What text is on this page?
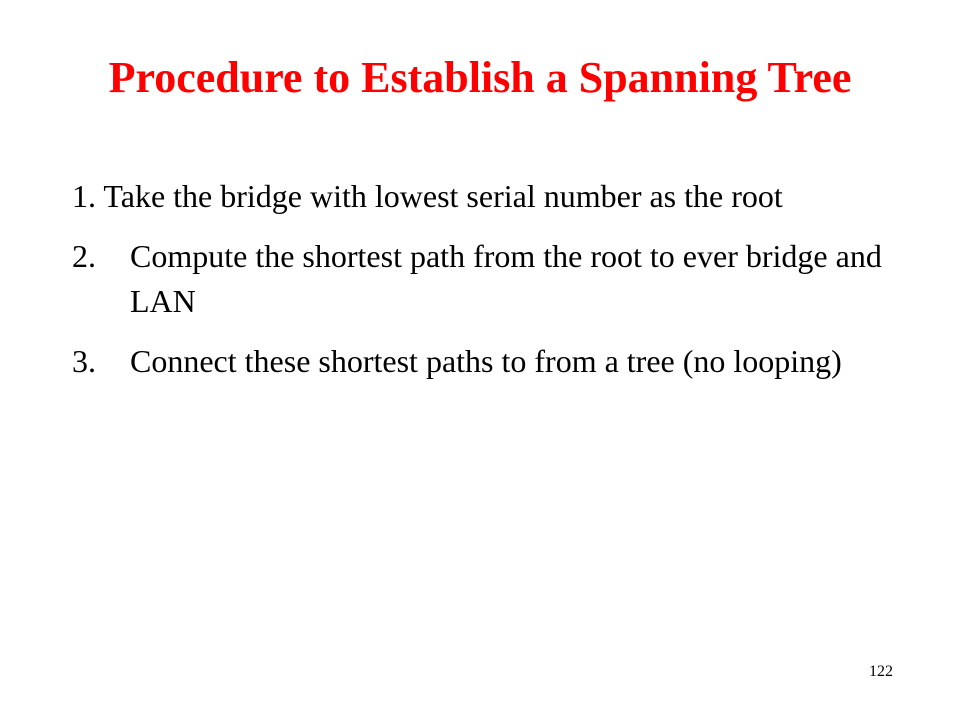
Procedure to Establish a Spanning Tree
1. Take the bridge with lowest serial number as the root
2. Compute the shortest path from the root to ever bridge and LAN
3. Connect these shortest paths to from a tree (no looping)
122
